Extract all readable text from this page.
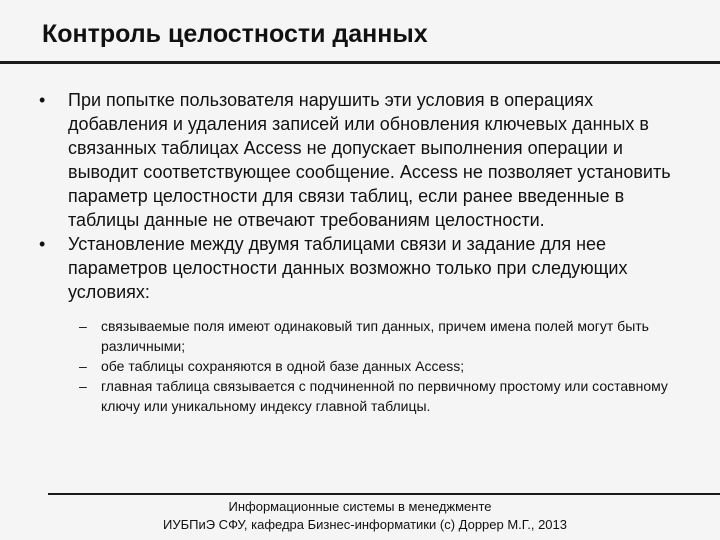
Контроль целостности данных
• При попытке пользователя нарушить эти условия в операциях добавления и удаления записей или обновления ключевых данных в связанных таблицах Access не допускает выполнения операции и выводит соответствующее сообщение. Access не позволяет установить параметр целостности для связи таблиц, если ранее введенные в таблицы данные не отвечают требованиям целостности.
• Установление между двумя таблицами связи и задание для нее параметров целостности данных возможно только при следующих условиях:
– связываемые поля имеют одинаковый тип данных, причем имена полей могут быть различными;
– обе таблицы сохраняются в одной базе данных Access;
– главная таблица связывается с подчиненной по первичному простому или составному ключу или уникальному индексу главной таблицы.
Информационные системы в менеджменте
ИУБПиЭ СФУ, кафедра Бизнес-информатики (с) Доррер М.Г., 2013
